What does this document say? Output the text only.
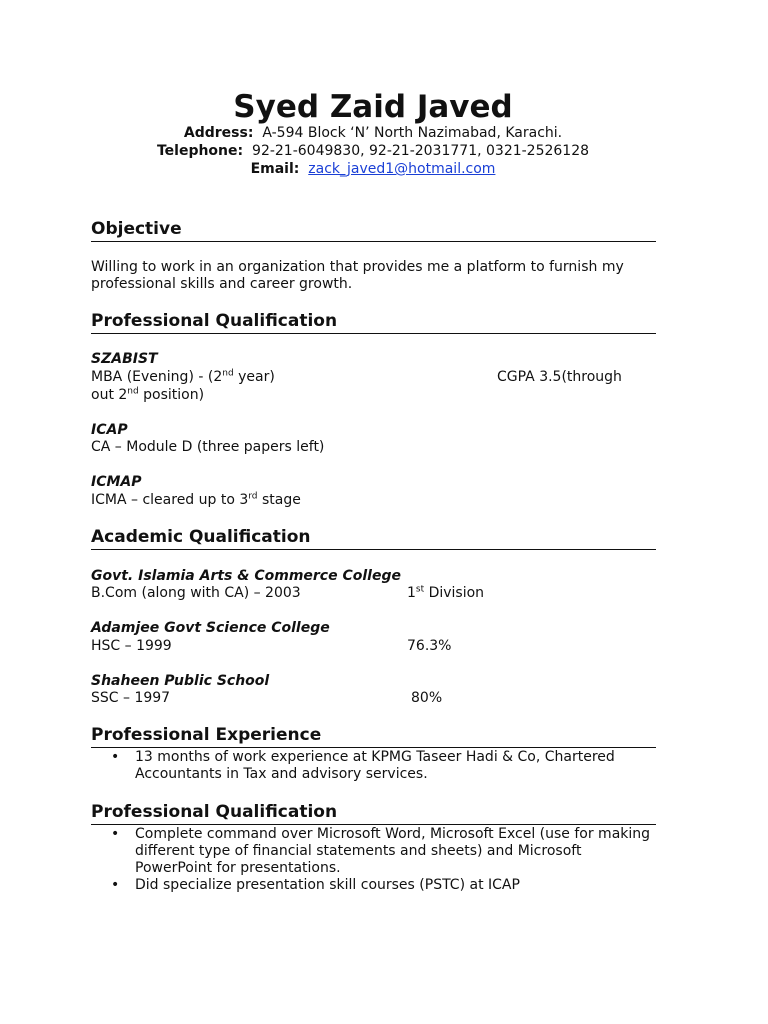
Syed Zaid Javed
Address: A-594 Block ‘N’ North Nazimabad, Karachi.
Telephone: 92-21-6049830, 92-21-2031771, 0321-2526128
Email: zack_javed1@hotmail.com
Objective
Willing to work in an organization that provides me a platform to furnish my professional skills and career growth.
Professional Qualification
SZABIST
MBA (Evening) - (2nd year)	CGPA 3.5(through
out 2nd position)
ICAP
CA – Module D (three papers left)
ICMAP
ICMA – cleared up to 3rd stage
Academic Qualification
Govt. Islamia Arts & Commerce College
B.Com (along with CA) – 2003	1st Division
Adamjee Govt Science College
HSC – 1999	76.3%
Shaheen Public School
SSC – 1997	80%
Professional Experience
• 13 months of work experience at KPMG Taseer Hadi & Co, Chartered Accountants in Tax and advisory services.
Professional Qualification
• Complete command over Microsoft Word, Microsoft Excel (use for making different type of financial statements and sheets) and Microsoft PowerPoint for presentations.
• Did specialize presentation skill courses (PSTC) at ICAP
